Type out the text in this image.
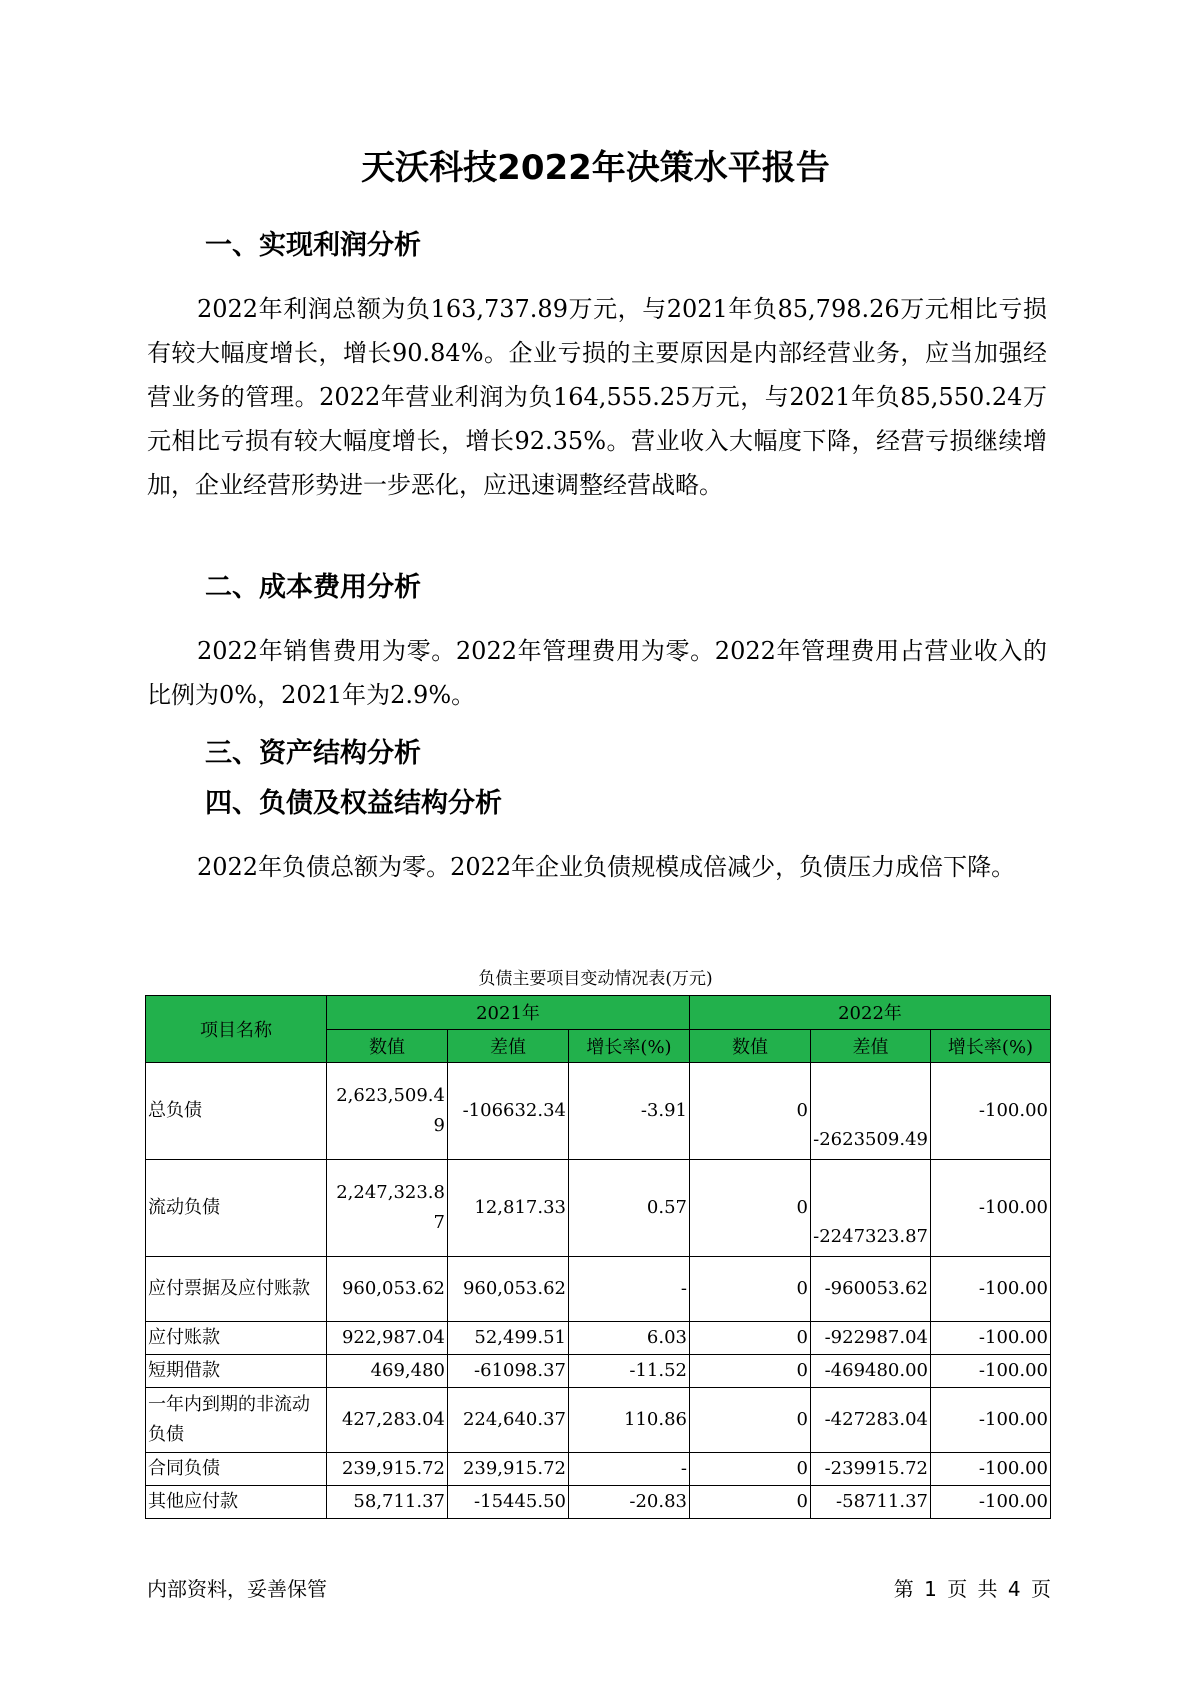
天沃科技2022年决策水平报告
一、实现利润分析

2022年利润总额为负163,737.89万元，与2021年负85,798.26万元相比亏损有较大幅度增长，增长90.84%。企业亏损的主要原因是内部经营业务，应当加强经营业务的管理。2022年营业利润为负164,555.25万元，与2021年负85,550.24万元相比亏损有较大幅度增长，增长92.35%。营业收入大幅度下降，经营亏损继续增加，企业经营形势进一步恶化，应迅速调整经营战略。

二、成本费用分析

2022年销售费用为零。2022年管理费用为零。2022年管理费用占营业收入的比例为0%，2021年为2.9%。

三、资产结构分析
四、负债及权益结构分析

2022年负债总额为零。2022年企业负债规模成倍减少，负债压力成倍下降。

负债主要项目变动情况表(万元)
项目名称	2021年			2022年		
	数值	差值	增长率(%)	数值	差值	增长率(%)
总负债	2,623,509.49	-106632.34	-3.91	0	-2623509.49	-100.00
流动负债	2,247,323.87	12,817.33	0.57	0	-2247323.87	-100.00
应付票据及应付账款	960,053.62	960,053.62	-	0	-960053.62	-100.00
应付账款	922,987.04	52,499.51	6.03	0	-922987.04	-100.00
短期借款	469,480	-61098.37	-11.52	0	-469480.00	-100.00
一年内到期的非流动负债	427,283.04	224,640.37	110.86	0	-427283.04	-100.00
合同负债	239,915.72	239,915.72	-	0	-239915.72	-100.00
其他应付款	58,711.37	-15445.50	-20.83	0	-58711.37	-100.00
内部资料，妥善保管	第 1 页 共 4 页
